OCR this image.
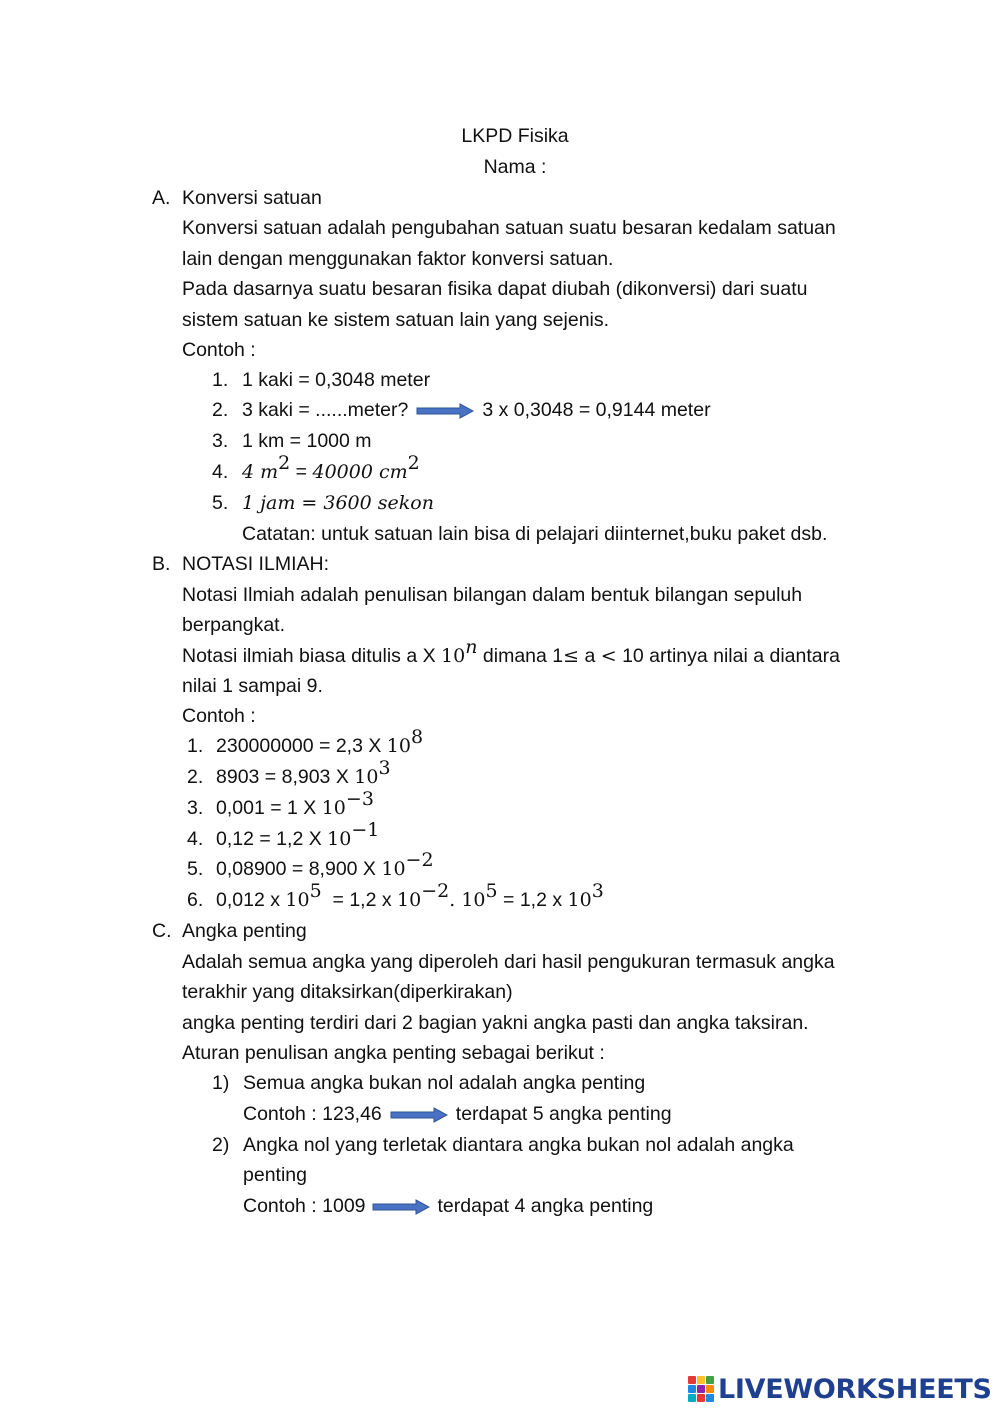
LKPD Fisika
Nama :
A. Konversi satuan
Konversi satuan adalah pengubahan satuan suatu besaran kedalam satuan
lain dengan menggunakan faktor konversi satuan.
Pada dasarnya suatu besaran fisika dapat diubah (dikonversi) dari suatu
sistem satuan ke sistem satuan lain yang sejenis.
Contoh :
1. 1 kaki = 0,3048 meter
2. 3 kaki = ......meter?	3 x 0,3048 = 0,9144 meter
3. 1 km = 1000 m
4. 4 $m^2 = 40000$ $cm^2$
5. 1 jam = 3600 sekon
Catatan: untuk satuan lain bisa di pelajari diinternet,buku paket dsb.
B. NOTASI ILMIAH:
Notasi Ilmiah adalah penulisan bilangan dalam bentuk bilangan sepuluh
berpangkat.
Notasi ilmiah biasa ditulis a X 10$^n$ dimana 1≤ a < 10 artinya nilai a diantara
nilai 1 sampai 9.
Contoh :
1. 230000000 = 2,3 X $10^8$
2. 8903 = 8,903 X $10^3$
3. 0,001 = 1 X $10^{-3}$
4. 0,12 = 1,2 X $10^{-1}$
5. 0,08900 = 8,900 X $10^{-2}$
6. 0,012 x $10^5 = 1,2$ x $10^{-2}$. $10^5 = 1,2$ x $10^3$
C. Angka penting
Adalah semua angka yang diperoleh dari hasil pengukuran termasuk angka
terakhir yang ditaksirkan(diperkirakan)
angka penting terdiri dari 2 bagian yakni angka pasti dan angka taksiran.
Aturan penulisan angka penting sebagai berikut :
1) Semua angka bukan nol adalah angka penting
Contoh : 123,46	terdapat 5 angka penting
2) Angka nol yang terletak diantara angka bukan nol adalah angka
penting
Contoh : 1009	terdapat 4 angka penting
LIVEWORKSHEETS
